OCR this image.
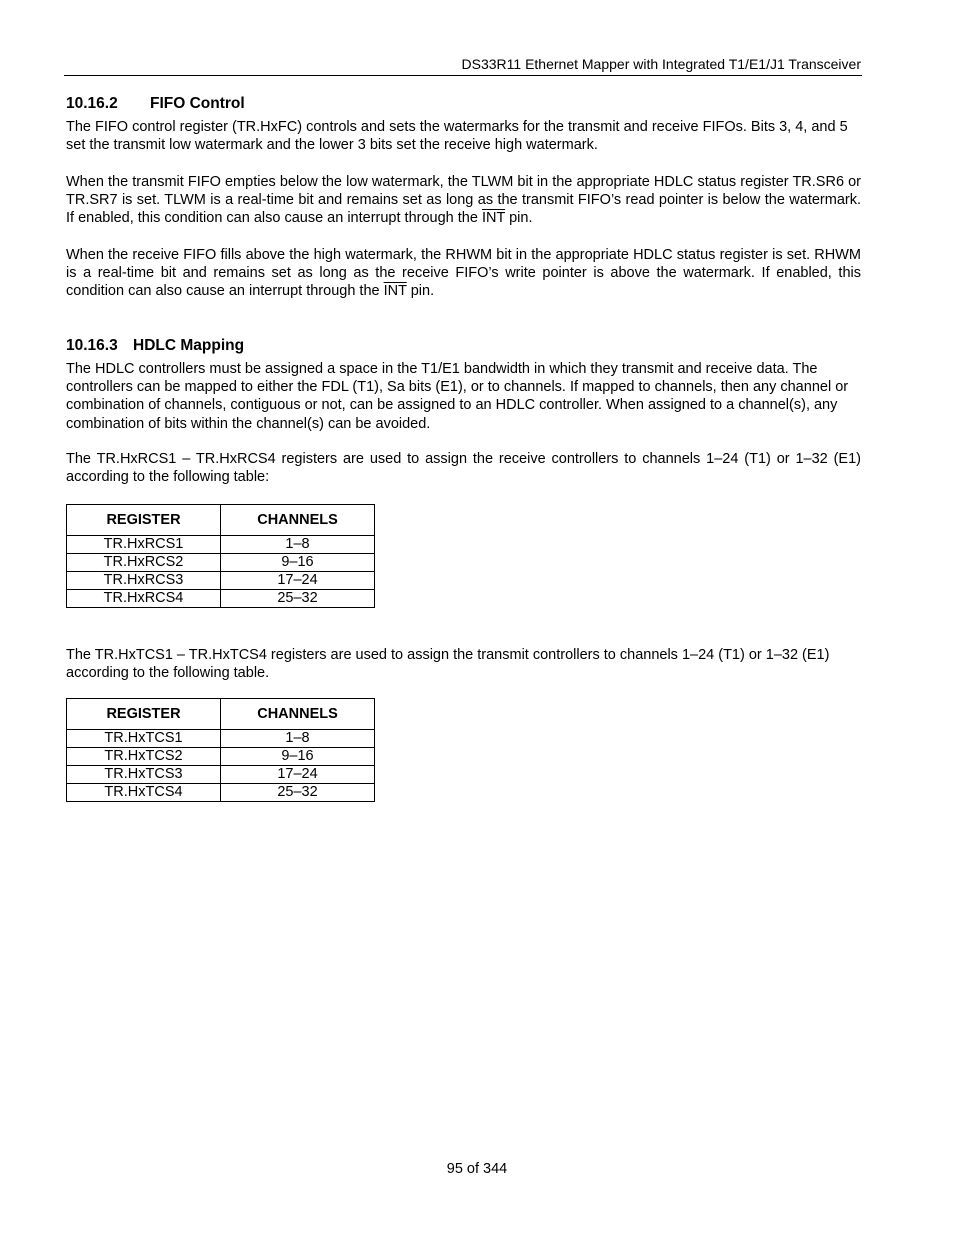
DS33R11 Ethernet Mapper with Integrated T1/E1/J1 Transceiver
10.16.2 FIFO Control

The FIFO control register (TR.HxFC) controls and sets the watermarks for the transmit and receive FIFOs. Bits 3, 4, and 5 set the transmit low watermark and the lower 3 bits set the receive high watermark.

When the transmit FIFO empties below the low watermark, the TLWM bit in the appropriate HDLC status register TR.SR6 or TR.SR7 is set. TLWM is a real-time bit and remains set as long as the transmit FIFO’s read pointer is below the watermark. If enabled, this condition can also cause an interrupt through the $\overline{INT}$ pin.

When the receive FIFO fills above the high watermark, the RHWM bit in the appropriate HDLC status register is set. RHWM is a real-time bit and remains set as long as the receive FIFO’s write pointer is above the watermark. If enabled, this condition can also cause an interrupt through the $\overline{INT}$ pin.

10.16.3 HDLC Mapping

The HDLC controllers must be assigned a space in the T1/E1 bandwidth in which they transmit and receive data. The controllers can be mapped to either the FDL (T1), Sa bits (E1), or to channels. If mapped to channels, then any channel or combination of channels, contiguous or not, can be assigned to an HDLC controller. When assigned to a channel(s), any combination of bits within the channel(s) can be avoided.

The TR.HxRCS1 – TR.HxRCS4 registers are used to assign the receive controllers to channels 1–24 (T1) or 1–32 (E1) according to the following table:

REGISTER	CHANNELS
TR.HxRCS1	1–8
TR.HxRCS2	9–16
TR.HxRCS3	17–24
TR.HxRCS4	25–32

The TR.HxTCS1 – TR.HxTCS4 registers are used to assign the transmit controllers to channels 1–24 (T1) or 1–32 (E1) according to the following table.

REGISTER	CHANNELS
TR.HxTCS1	1–8
TR.HxTCS2	9–16
TR.HxTCS3	17–24
TR.HxTCS4	25–32
95 of 344
